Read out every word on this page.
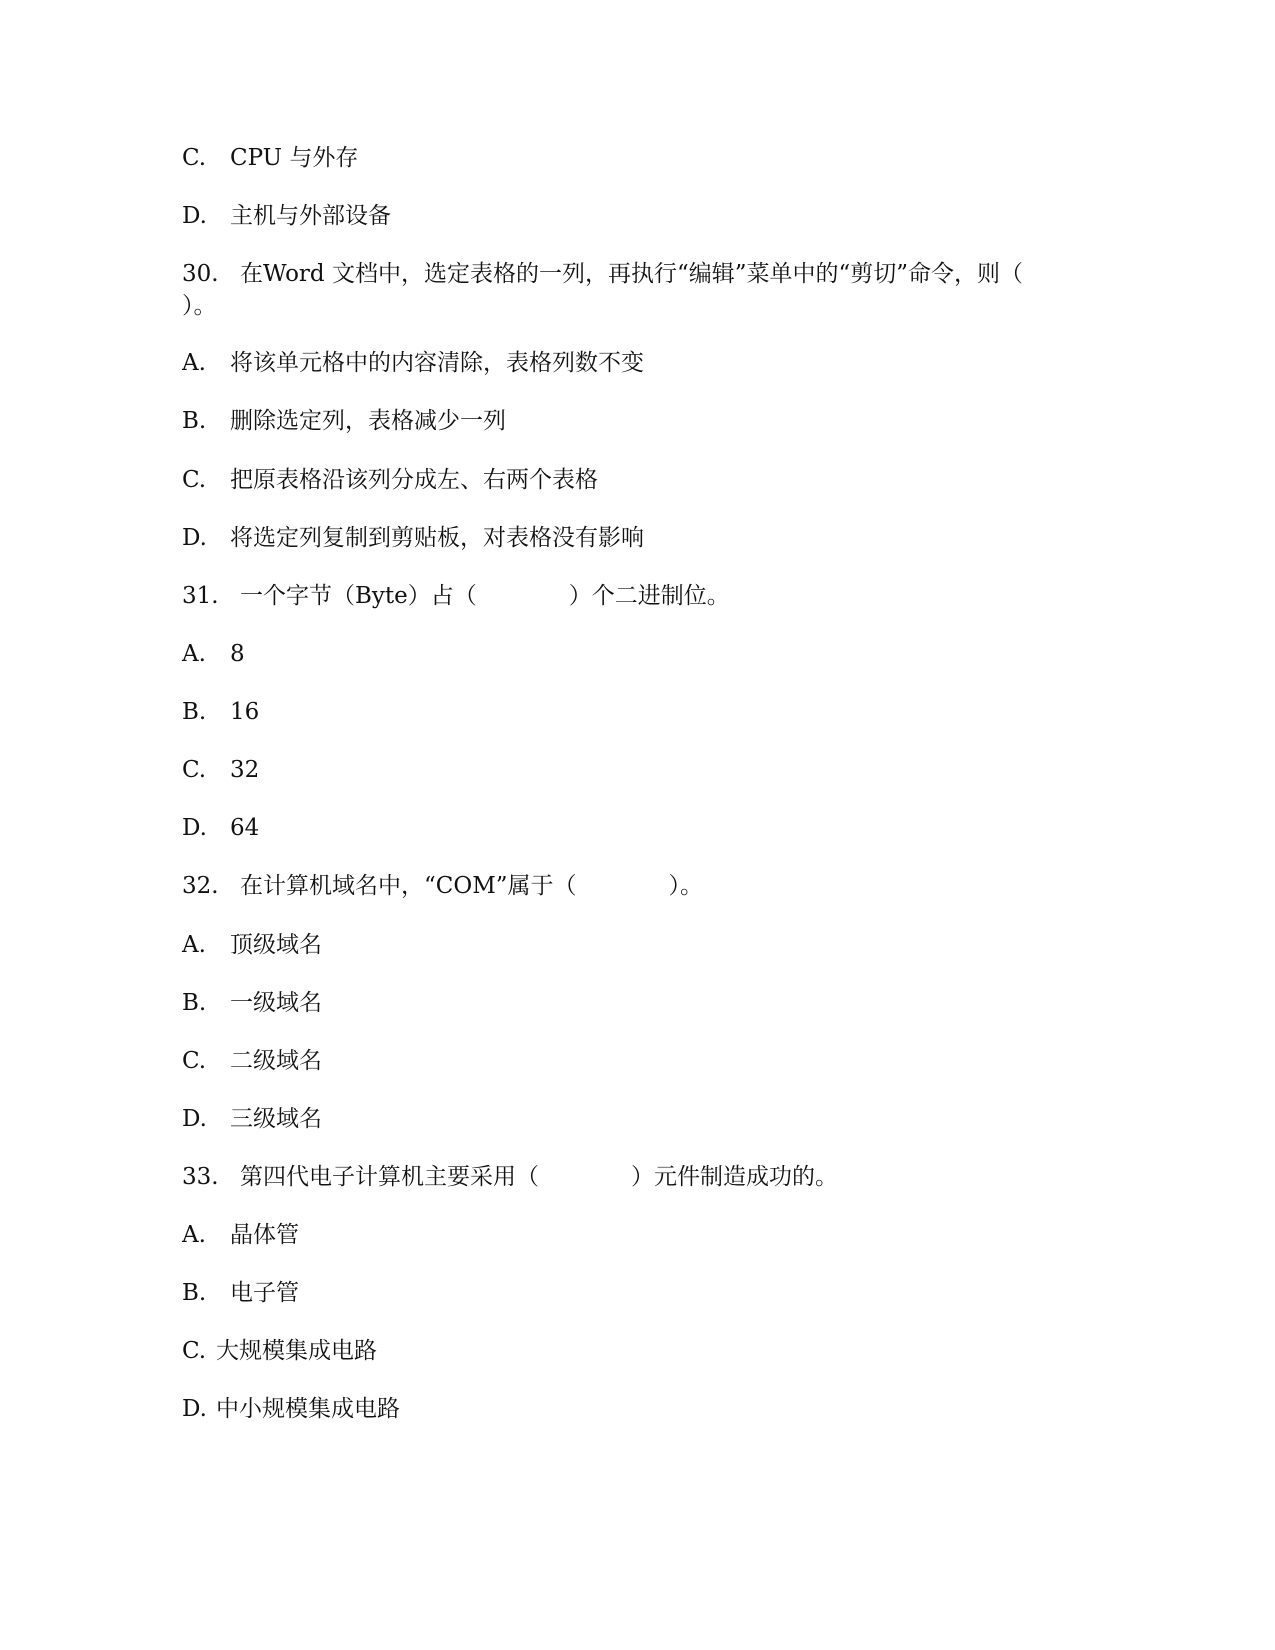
C. CPU 与外存
D. 主机与外部设备
30. 在Word 文档中，选定表格的一列，再执行“编辑”菜单中的“剪切”命令，则（ ）。
A. 将该单元格中的内容清除，表格列数不变
B. 删除选定列，表格减少一列
C. 把原表格沿该列分成左、右两个表格
D. 将选定列复制到剪贴板，对表格没有影响
31. 一个字节（Byte）占（　　　　）个二进制位。
A. 8
B. 16
C. 32
D. 64
32. 在计算机域名中，“COM”属于（　　　　）。
A. 顶级域名
B. 一级域名
C. 二级域名
D. 三级域名
33. 第四代电子计算机主要采用（　　　　）元件制造成功的。
A. 晶体管
B. 电子管
C. 大规模集成电路
D. 中小规模集成电路
